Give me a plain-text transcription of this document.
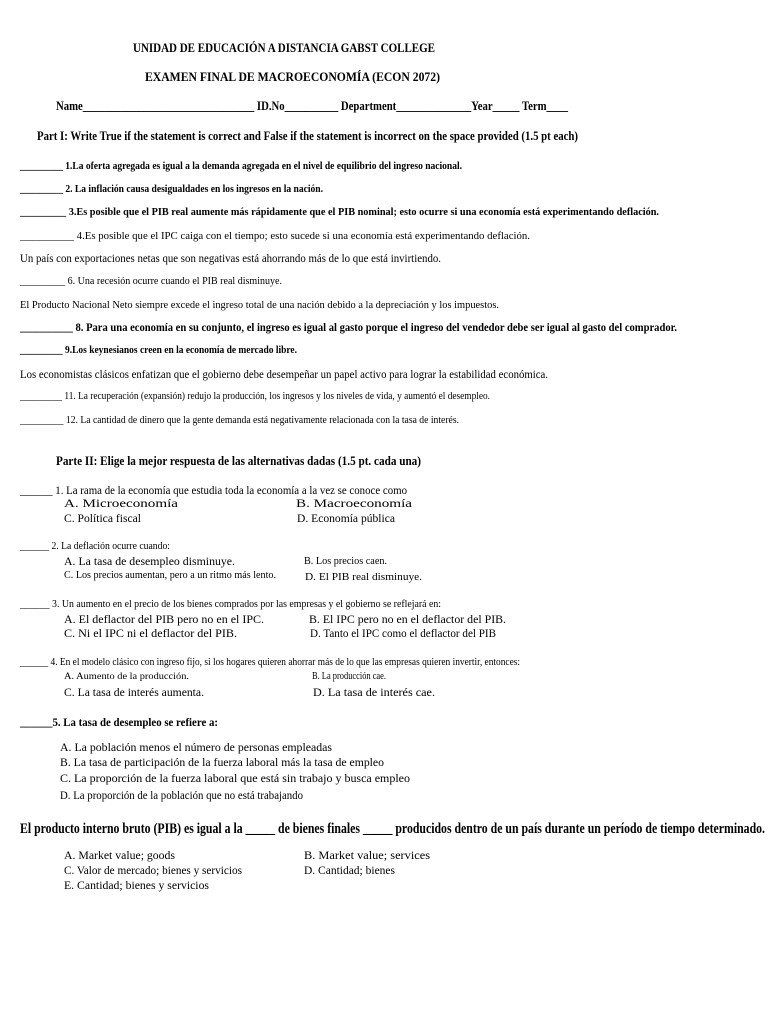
UNIDAD DE EDUCACIÓN A DISTANCIA GABST COLLEGE
EXAMEN FINAL DE MACROECONOMÍA (ECON 2072)
Name________________________________ ID.No__________ Department______________Year_____ Term____
Part I: Write True if the statement is correct and False if the statement is incorrect on the space provided (1.5 pt each)
_________ 1.La oferta agregada es igual a la demanda agregada en el nivel de equilibrio del ingreso nacional.
_________ 2. La inflación causa desigualdades en los ingresos en la nación.
_________ 3.Es posible que el PIB real aumente más rápidamente que el PIB nominal; esto ocurre si una economía está experimentando deflación.
__________ 4.Es posible que el IPC caiga con el tiempo; esto sucede si una economía está experimentando deflación.
Un país con exportaciones netas que son negativas está ahorrando más de lo que está invirtiendo.
_________ 6. Una recesión ocurre cuando el PIB real disminuye.
El Producto Nacional Neto siempre excede el ingreso total de una nación debido a la depreciación y los impuestos.
__________ 8. Para una economía en su conjunto, el ingreso es igual al gasto porque el ingreso del vendedor debe ser igual al gasto del comprador.
_________ 9.Los keynesianos creen en la economía de mercado libre.
Los economistas clásicos enfatizan que el gobierno debe desempeñar un papel activo para lograr la estabilidad económica.
_________ 11. La recuperación (expansión) redujo la producción, los ingresos y los niveles de vida, y aumentó el desempleo.
_________ 12. La cantidad de dinero que la gente demanda está negativamente relacionada con la tasa de interés.
Parte II: Elige la mejor respuesta de las alternativas dadas (1.5 pt. cada una)
______ 1. La rama de la economía que estudia toda la economía a la vez se conoce como
A. Microeconomía	B. Macroeconomía
C. Política fiscal	D. Economía pública
______ 2. La deflación ocurre cuando:
A. La tasa de desempleo disminuye.	B. Los precios caen.
C. Los precios aumentan, pero a un ritmo más lento.	D. El PIB real disminuye.
______ 3. Un aumento en el precio de los bienes comprados por las empresas y el gobierno se reflejará en:
A. El deflactor del PIB pero no en el IPC.	B. El IPC pero no en el deflactor del PIB.
C. Ni el IPC ni el deflactor del PIB.	D. Tanto el IPC como el deflactor del PIB
______ 4. En el modelo clásico con ingreso fijo, si los hogares quieren ahorrar más de lo que las empresas quieren invertir, entonces:
A. Aumento de la producción.	B. La producción cae.
C. La tasa de interés aumenta.	D. La tasa de interés cae.
______5. La tasa de desempleo se refiere a:
A. La población menos el número de personas empleadas
B. La tasa de participación de la fuerza laboral más la tasa de empleo
C. La proporción de la fuerza laboral que está sin trabajo y busca empleo
D. La proporción de la población que no está trabajando
El producto interno bruto (PIB) es igual a la _____ de bienes finales _____ producidos dentro de un país durante un período de tiempo determinado.
A. Market value; goods	B. Market value; services
C. Valor de mercado; bienes y servicios	D. Cantidad; bienes
E. Cantidad; bienes y servicios
